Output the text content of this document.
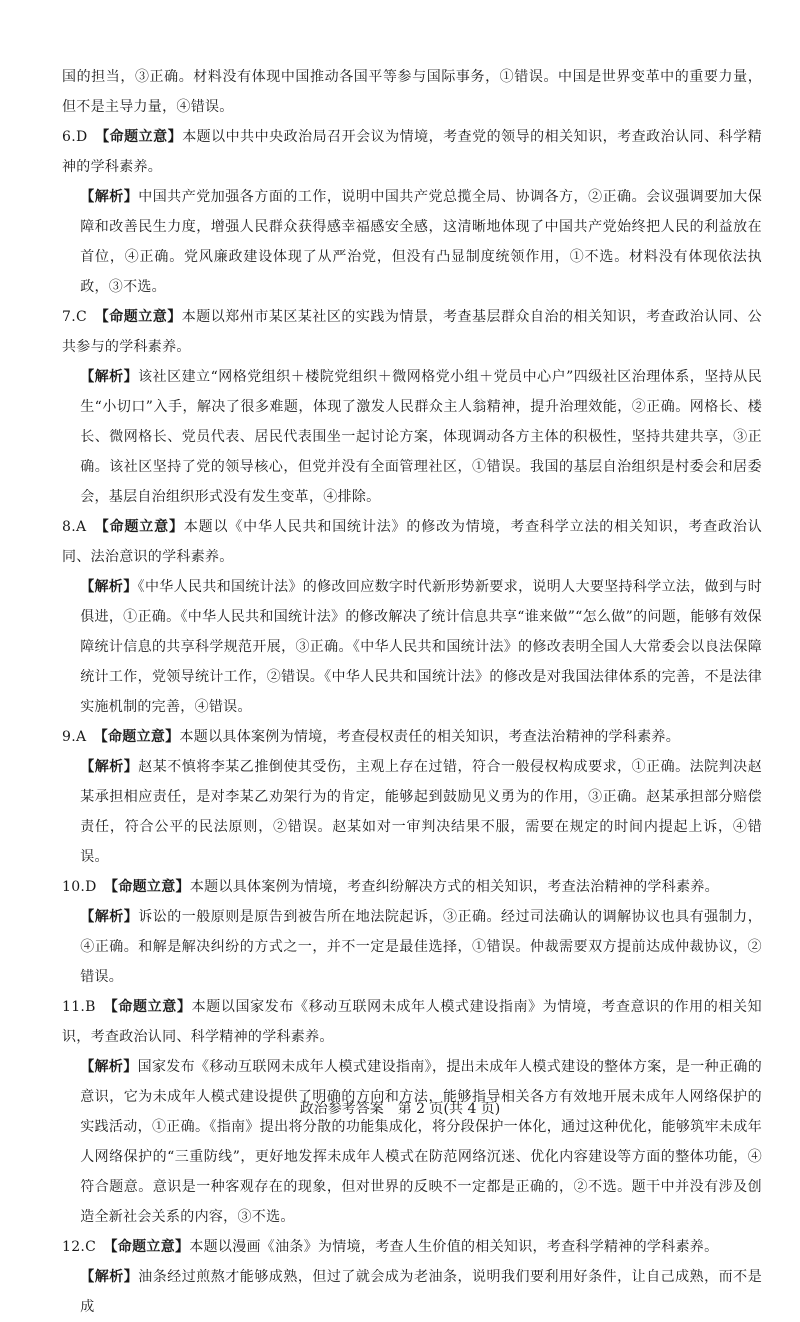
国的担当，③正确。材料没有体现中国推动各国平等参与国际事务，①错误。中国是世界变革中的重要力量，但不是主导力量，④错误。

6.D　 【命题立意】本题以中共中央政治局召开会议为情境，考查党的领导的相关知识，考查政治认同、科学精神的学科素养。

【解析】中国共产党加强各方面的工作，说明中国共产党总揽全局、协调各方，②正确。会议强调要加大保障和改善民生力度，增强人民群众获得感幸福感安全感，这清晰地体现了中国共产党始终把人民的利益放在首位，④正确。党风廉政建设体现了从严治党，但没有凸显制度统领作用，①不选。材料没有体现依法执政，③不选。

7.C　 【命题立意】本题以郑州市某区某社区的实践为情景，考查基层群众自治的相关知识，考查政治认同、公共参与的学科素养。

【解析】该社区建立“网格党组织＋楼院党组织＋微网格党小组＋党员中心户”四级社区治理体系，坚持从民生“小切口”入手，解决了很多难题，体现了激发人民群众主人翁精神，提升治理效能，②正确。网格长、楼长、微网格长、党员代表、居民代表围坐一起讨论方案，体现调动各方主体的积极性，坚持共建共享，③正确。该社区坚持了党的领导核心，但党并没有全面管理社区，①错误。我国的基层自治组织是村委会和居委会，基层自治组织形式没有发生变革，④排除。

8.A　 【命题立意】本题以《中华人民共和国统计法》的修改为情境，考查科学立法的相关知识，考查政治认同、法治意识的学科素养。

【解析】《中华人民共和国统计法》的修改回应数字时代新形势新要求，说明人大要坚持科学立法，做到与时俱进，①正确。《中华人民共和国统计法》的修改解决了统计信息共享“谁来做”“怎么做”的问题，能够有效保障统计信息的共享科学规范开展，③正确。《中华人民共和国统计法》的修改表明全国人大常委会以良法保障统计工作，党领导统计工作，②错误。《中华人民共和国统计法》的修改是对我国法律体系的完善，不是法律实施机制的完善，④错误。

9.A　 【命题立意】本题以具体案例为情境，考查侵权责任的相关知识，考查法治精神的学科素养。

【解析】赵某不慎将李某乙推倒使其受伤，主观上存在过错，符合一般侵权构成要求，①正确。法院判决赵某承担相应责任，是对李某乙劝架行为的肯定，能够起到鼓励见义勇为的作用，③正确。赵某承担部分赔偿责任，符合公平的民法原则，②错误。赵某如对一审判决结果不服，需要在规定的时间内提起上诉，④错误。

10.D　 【命题立意】本题以具体案例为情境，考查纠纷解决方式的相关知识，考查法治精神的学科素养。

【解析】诉讼的一般原则是原告到被告所在地法院起诉，③正确。经过司法确认的调解协议也具有强制力，④正确。和解是解决纠纷的方式之一，并不一定是最佳选择，①错误。仲裁需要双方提前达成仲裁协议，②错误。

11.B　 【命题立意】本题以国家发布《移动互联网未成年人模式建设指南》为情境，考查意识的作用的相关知识，考查政治认同、科学精神的学科素养。

【解析】国家发布《移动互联网未成年人模式建设指南》，提出未成年人模式建设的整体方案，是一种正确的意识，它为未成年人模式建设提供了明确的方向和方法，能够指导相关各方有效地开展未成年人网络保护的实践活动，①正确。《指南》提出将分散的功能集成化，将分段保护一体化，通过这种优化，能够筑牢未成年人网络保护的“三重防线”，更好地发挥未成年人模式在防范网络沉迷、优化内容建设等方面的整体功能，④符合题意。意识是一种客观存在的现象，但对世界的反映不一定都是正确的，②不选。题干中并没有涉及创造全新社会关系的内容，③不选。

12.C　 【命题立意】本题以漫画《油条》为情境，考查人生价值的相关知识，考查科学精神的学科素养。

【解析】油条经过煎熬才能够成熟，但过了就会成为老油条，说明我们要利用好条件，让自己成熟，而不是成

政治参考答案　第 2 页(共 4 页)
